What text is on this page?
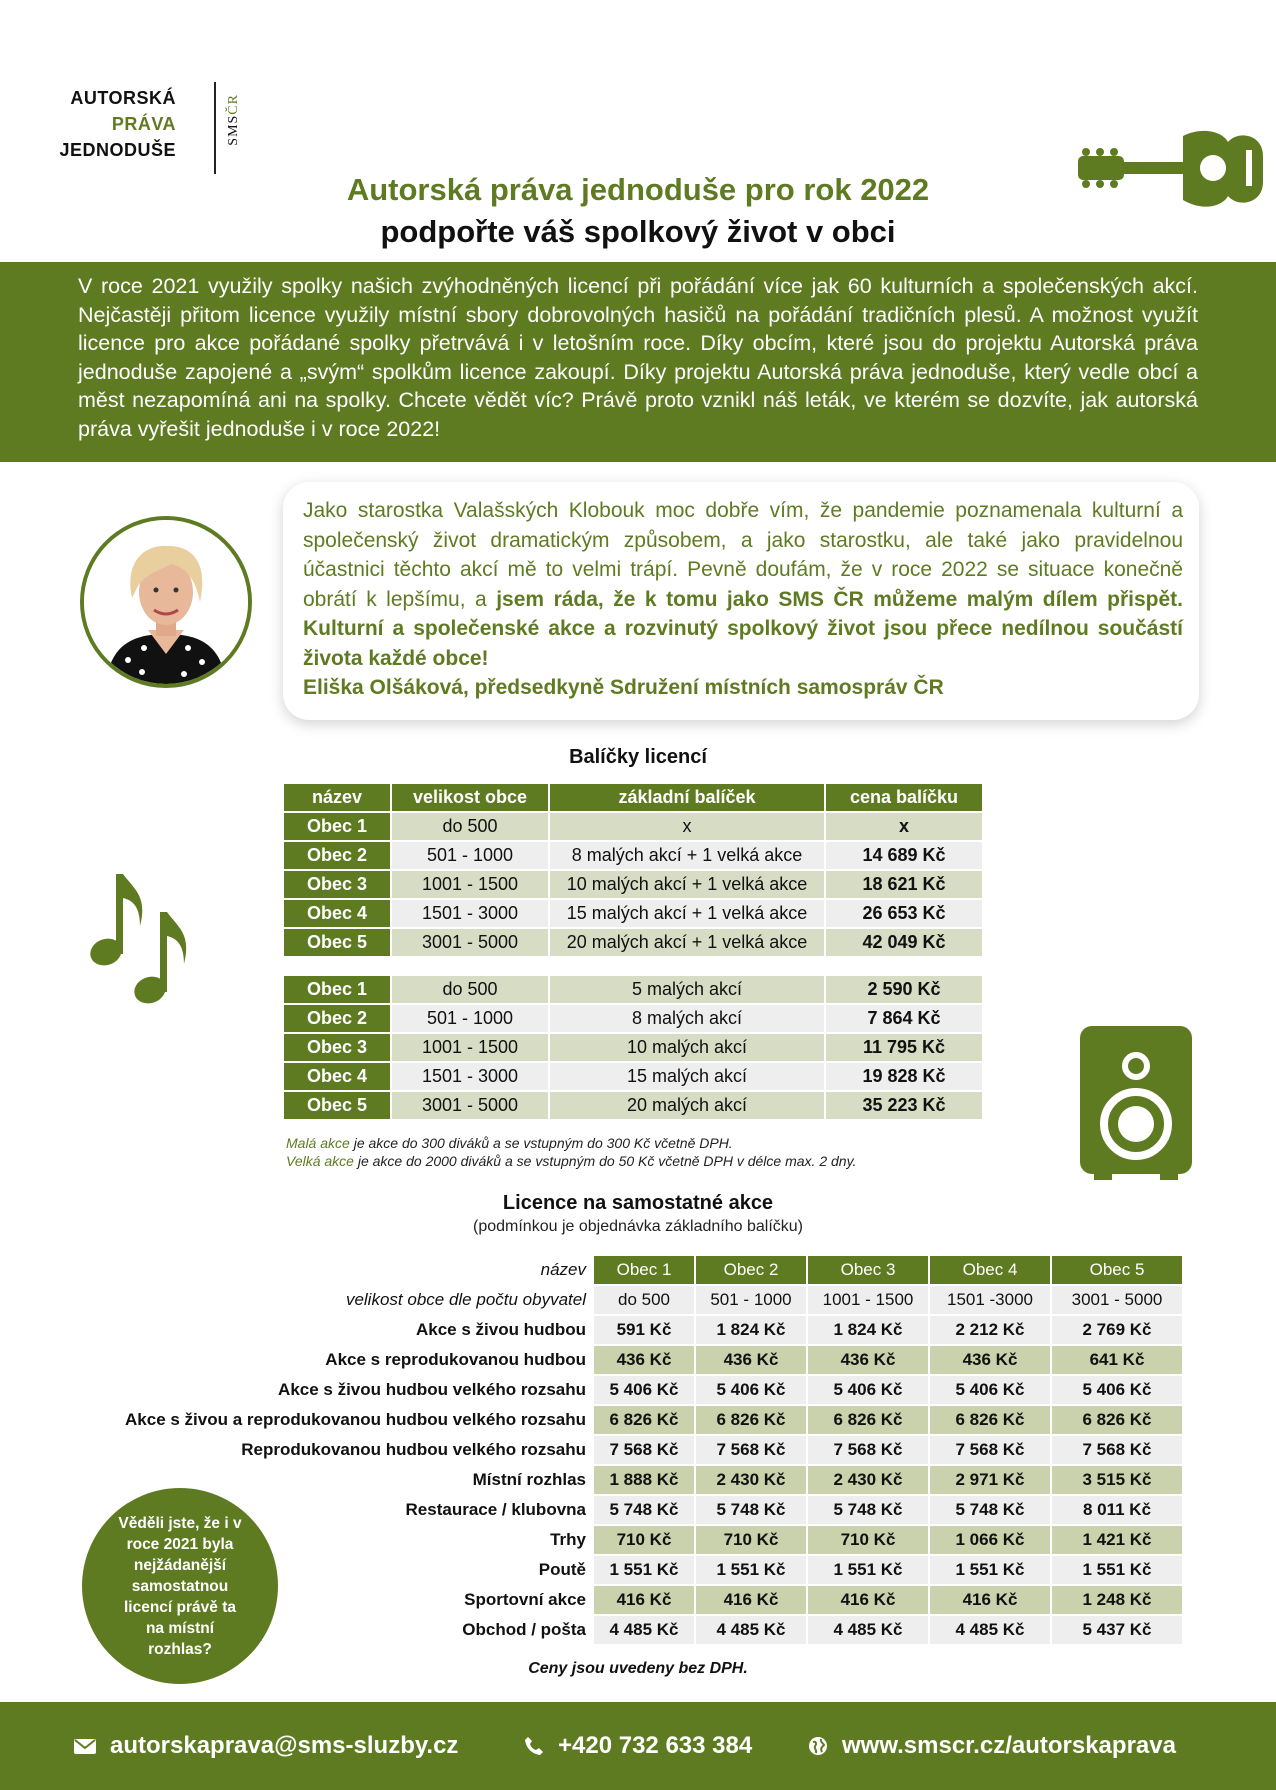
AUTORSKÁ
PRÁVA
JEDNODUŠE
SMSČR
Autorská práva jednoduše pro rok 2022
podpořte váš spolkový život v obci
V roce 2021 využily spolky našich zvýhodněných licencí při pořádání více jak 60 kulturních a společenských akcí. Nejčastěji přitom licence využily místní sbory dobrovolných hasičů na pořádání tradičních plesů. A možnost využít licence pro akce pořádané spolky přetrvává i v letošním roce. Díky obcím, které jsou do projektu Autorská práva jednoduše zapojené a „svým“ spolkům licence zakoupí. Díky projektu Autorská práva jednoduše, který vedle obcí a měst nezapomíná ani na spolky. Chcete vědět víc? Právě proto vznikl náš leták, ve kterém se dozvíte, jak autorská práva vyřešit jednoduše i v roce 2022!
Jako starostka Valašských Klobouk moc dobře vím, že pandemie poznamenala kulturní a společenský život dramatickým způsobem, a jako starostku, ale také jako pravidelnou účastnici těchto akcí mě to velmi trápí. Pevně doufám, že v roce 2022 se situace konečně obrátí k lepšímu, a jsem ráda, že k tomu jako SMS ČR můžeme malým dílem přispět. Kulturní a společenské akce a rozvinutý spolkový život jsou přece nedílnou součástí života každé obce!
Eliška Olšáková, předsedkyně Sdružení místních samospráv ČR
Balíčky licencí
název	velikost obce	základní balíček	cena balíčku
Obec 1	do 500	x	x
Obec 2	501 - 1000	8 malých akcí + 1 velká akce	14 689 Kč
Obec 3	1001 - 1500	10 malých akcí + 1 velká akce	18 621 Kč
Obec 4	1501 - 3000	15 malých akcí + 1 velká akce	26 653 Kč
Obec 5	3001 - 5000	20 malých akcí + 1 velká akce	42 049 Kč
Obec 1	do 500	5 malých akcí	2 590 Kč
Obec 2	501 - 1000	8 malých akcí	7 864 Kč
Obec 3	1001 - 1500	10 malých akcí	11 795 Kč
Obec 4	1501 - 3000	15 malých akcí	19 828 Kč
Obec 5	3001 - 5000	20 malých akcí	35 223 Kč
Malá akce je akce do 300 diváků a se vstupným do 300 Kč včetně DPH.
Velká akce je akce do 2000 diváků a se vstupným do 50 Kč včetně DPH v délce max. 2 dny.
Licence na samostatné akce
(podmínkou je objednávka základního balíčku)
název	Obec 1	Obec 2	Obec 3	Obec 4	Obec 5
velikost obce dle počtu obyvatel	do 500	501 - 1000	1001 - 1500	1501 -3000	3001 - 5000
Akce s živou hudbou	591 Kč	1 824 Kč	1 824 Kč	2 212 Kč	2 769 Kč
Akce s reprodukovanou hudbou	436 Kč	436 Kč	436 Kč	436 Kč	641 Kč
Akce s živou hudbou velkého rozsahu	5 406 Kč	5 406 Kč	5 406 Kč	5 406 Kč	5 406 Kč
Akce s živou a reprodukovanou hudbou velkého rozsahu	6 826 Kč	6 826 Kč	6 826 Kč	6 826 Kč	6 826 Kč
Reprodukovanou hudbou velkého rozsahu	7 568 Kč	7 568 Kč	7 568 Kč	7 568 Kč	7 568 Kč
Místní rozhlas	1 888 Kč	2 430 Kč	2 430 Kč	2 971 Kč	3 515 Kč
Restaurace / klubovna	5 748 Kč	5 748 Kč	5 748 Kč	5 748 Kč	8 011 Kč
Trhy	710 Kč	710 Kč	710 Kč	1 066 Kč	1 421 Kč
Poutě	1 551 Kč	1 551 Kč	1 551 Kč	1 551 Kč	1 551 Kč
Sportovní akce	416 Kč	416 Kč	416 Kč	416 Kč	1 248 Kč
Obchod / pošta	4 485 Kč	4 485 Kč	4 485 Kč	4 485 Kč	5 437 Kč
Věděli jste, že i v roce 2021 byla nejžádanější samostatnou licencí právě ta na místní rozhlas?
Ceny jsou uvedeny bez DPH.
autorskaprava@sms-sluzby.cz	+420 732 633 384	www.smscr.cz/autorskaprava
